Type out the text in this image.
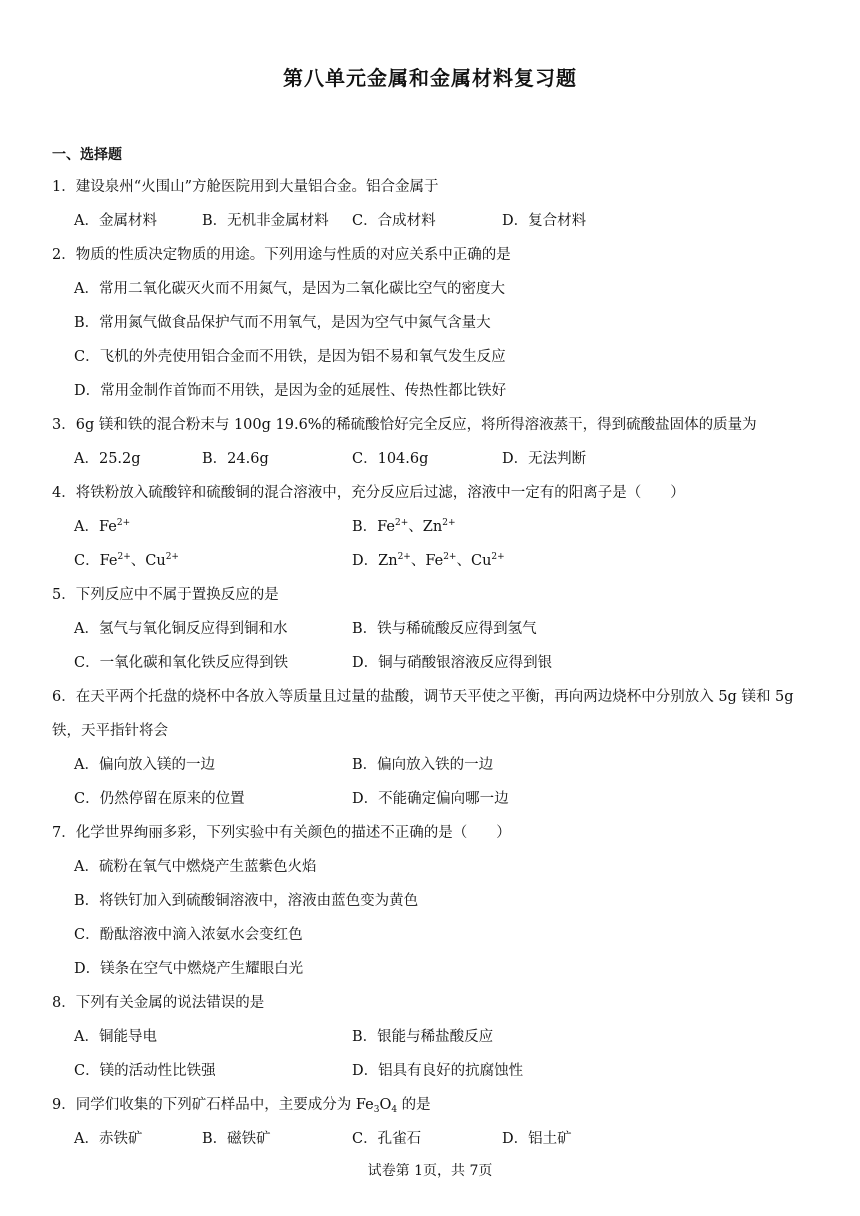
第八单元金属和金属材料复习题
一、选择题
1．建设泉州“火围山”方舱医院用到大量铝合金。铝合金属于
A．金属材料	B．无机非金属材料 C．合成材料	D．复合材料
2．物质的性质决定物质的用途。下列用途与性质的对应关系中正确的是
A．常用二氧化碳灭火而不用氮气，是因为二氧化碳比空气的密度大
B．常用氮气做食品保护气而不用氧气，是因为空气中氮气含量大
C．飞机的外壳使用铝合金而不用铁，是因为铝不易和氧气发生反应
D．常用金制作首饰而不用铁，是因为金的延展性、传热性都比铁好
3．6g 镁和铁的混合粉末与 100g 19.6%的稀硫酸恰好完全反应，将所得溶液蒸干，得到硫酸盐固体的质量为
A．25.2g	B．24.6g	C．104.6g	D．无法判断
4．将铁粉放入硫酸锌和硫酸铜的混合溶液中，充分反应后过滤，溶液中一定有的阳离子是（　　）
A．$Fe^{2+}$	B．$Fe^{2+}$、$Zn^{2+}$
C．$Fe^{2+}$、$Cu^{2+}$	D．$Zn^{2+}$、$Fe^{2+}$、$Cu^{2+}$
5．下列反应中不属于置换反应的是
A．氢气与氧化铜反应得到铜和水	B．铁与稀硫酸反应得到氢气
C．一氧化碳和氧化铁反应得到铁	D．铜与硝酸银溶液反应得到银
6．在天平两个托盘的烧杯中各放入等质量且过量的盐酸，调节天平使之平衡，再向两边烧杯中分别放入 5g 镁和 5g 铁，天平指针将会
A．偏向放入镁的一边	B．偏向放入铁的一边
C．仍然停留在原来的位置	D．不能确定偏向哪一边
7．化学世界绚丽多彩，下列实验中有关颜色的描述不正确的是（　　）
A．硫粉在氧气中燃烧产生蓝紫色火焰
B．将铁钉加入到硫酸铜溶液中，溶液由蓝色变为黄色
C．酚酞溶液中滴入浓氨水会变红色
D．镁条在空气中燃烧产生耀眼白光
8．下列有关金属的说法错误的是
A．铜能导电	B．银能与稀盐酸反应
C．镁的活动性比铁强	D．铝具有良好的抗腐蚀性
9．同学们收集的下列矿石样品中，主要成分为 $Fe_3O_4$ 的是
A．赤铁矿	B．磁铁矿	C．孔雀石	D．铝土矿
试卷第 1页，共 7页
